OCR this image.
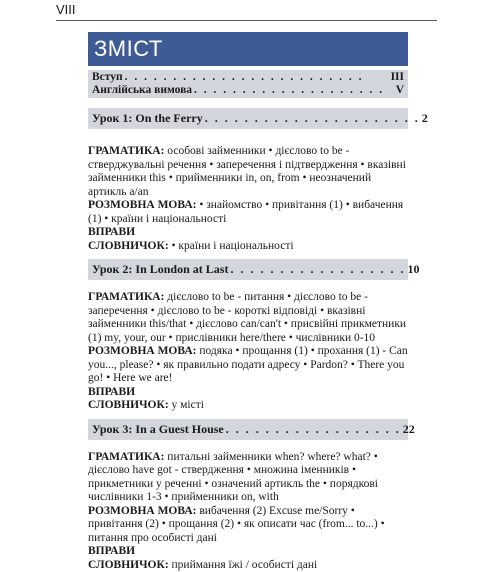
VIII
ЗМІСТ
Вступ . . . . . . . . . . . . . . . . . . . . . . . . .	III
Англійська вимова . . . . . . . . . . . . . . . . . . . .	V
Урок 1: On the Ferry . . . . . . . . . . . . . . . . . . . . . . 2

ГРАМАТИКА: особові займенники • дієслово to be - стверджувальні речення • заперечення і підтвердження • вказівні займенники this • прийменники in, on, from • неозначений артикль a/an

РОЗМОВНА МОВА: • знайомство • привітання (1) • вибачення (1) • країни і національності

ВПРАВИ

СЛОВНИЧОК: • країни і національності

Урок 2: In London at Last . . . . . . . . . . . . . . . . . . 10

ГРАМАТИКА: дієслово to be - питання • дієслово to be - заперечення • дієслово to be - короткі відповіді • вказівні займенники this/that • дієслово can/can't • присвійні прикметники (1) my, your, our • прислівники here/there • числівники 0-10

РОЗМОВНА МОВА: подяка • прощання (1) • прохання (1) - Can you..., please? • як правильно подати адресу • Pardon? • There you go! • Here we are!

ВПРАВИ

СЛОВНИЧОК: у місті

Урок 3: In a Guest House . . . . . . . . . . . . . . . . . . 22

ГРАМАТИКА: питальні займенники when? where? what? • дієслово have got - ствердження • множина іменників • прикметники у реченні • означений артикль the • порядкові числівники 1-3 • прийменники on, with

РОЗМОВНА МОВА: вибачення (2) Excuse me/Sorry • привітання (2) • прощання (2) • як описати час (from... to...) • питання про особисті дані

ВПРАВИ

СЛОВНИЧОК: приймання їжі / особисті дані
